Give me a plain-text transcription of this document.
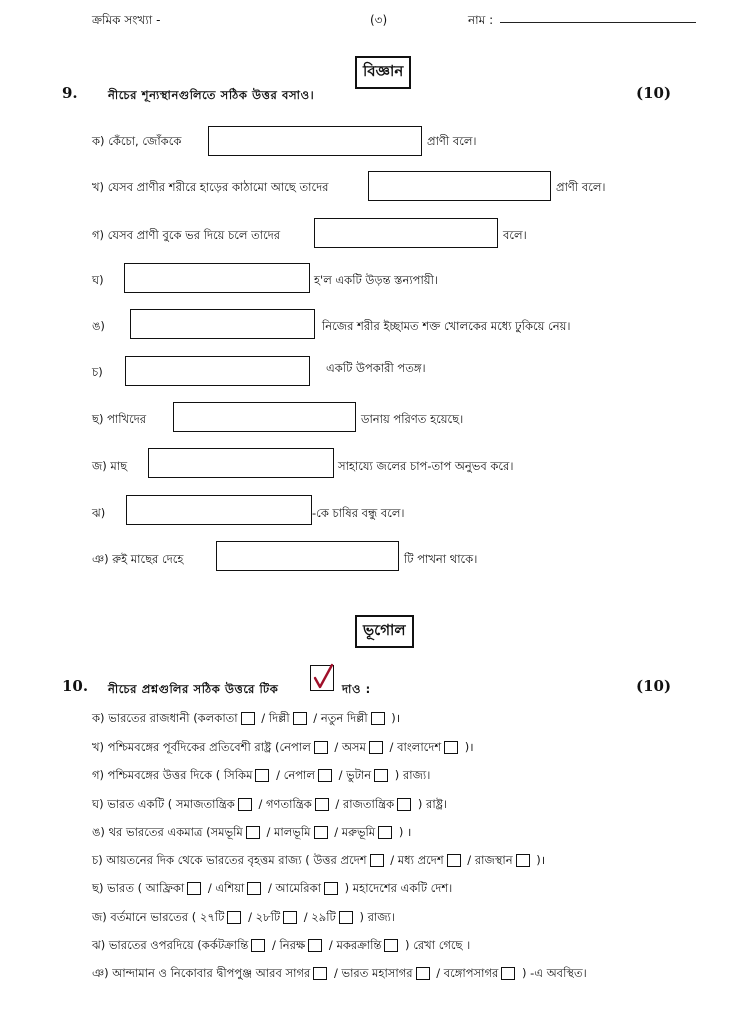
ক্রমিক সংখ্যা -	(৩)	নাম :
বিজ্ঞান
9.	নীচের শূন্যস্থানগুলিতে সঠিক উত্তর বসাও।	(10)
ক) কেঁচো, জোঁককে	প্রাণী বলে।
খ) যেসব প্রাণীর শরীরে হাড়ের কাঠামো আছে তাদের	প্রাণী বলে।
গ) যেসব প্রাণী বুকে ভর দিয়ে চলে তাদের	বলে।
ঘ)	হ'ল একটি উড়ন্ত স্তন্যপায়ী।
ঙ)	নিজের শরীর ইচ্ছামত শক্ত খোলকের মধ্যে ঢুকিয়ে নেয়।
চ)	একটি উপকারী পতঙ্গ।
ছ) পাখিদের	ডানায় পরিণত হয়েছে।
জ) মাছ	সাহায্যে জলের চাপ-তাপ অনুভব করে।
ঝ)	-কে চাষির বন্ধু বলে।
ঞ) রুই মাছের দেহে	টি পাখনা থাকে।
ভূগোল
10. নীচের প্রশ্নগুলির সঠিক উত্তরে টিক	দাও :	(10)
ক) ভারতের রাজধানী (কলকাতা / দিল্লী / নতুন দিল্লী )।
খ) পশ্চিমবঙ্গের পূর্বদিকের প্রতিবেশী রাষ্ট্র (নেপাল / অসম / বাংলাদেশ )।
গ) পশ্চিমবঙ্গের উত্তর দিকে ( সিকিম / নেপাল / ভুটান ) রাজ্য।
ঘ) ভারত একটি ( সমাজতান্ত্রিক / গণতান্ত্রিক / রাজতান্ত্রিক ) রাষ্ট্র।
ঙ) থর ভারতের একমাত্র (সমভূমি / মালভূমি / মরুভূমি ) ।
চ) আয়তনের দিক থেকে ভারতের বৃহত্তম রাজ্য ( উত্তর প্রদেশ / মধ্য প্রদেশ / রাজস্থান )।
ছ) ভারত ( আফ্রিকা / এশিয়া / আমেরিকা ) মহাদেশের একটি দেশ।
জ) বর্তমানে ভারতের ( ২৭টি / ২৮টি / ২৯টি ) রাজ্য।
ঝ) ভারতের ওপরদিয়ে (কর্কটক্রান্তি / নিরক্ষ / মকরক্রান্তি ) রেখা গেছে ।
ঞ) আন্দামান ও নিকোবার দ্বীপপুঞ্জ আরব সাগর / ভারত মহাসাগর / বঙ্গোপসাগর ) -এ অবস্থিত।
